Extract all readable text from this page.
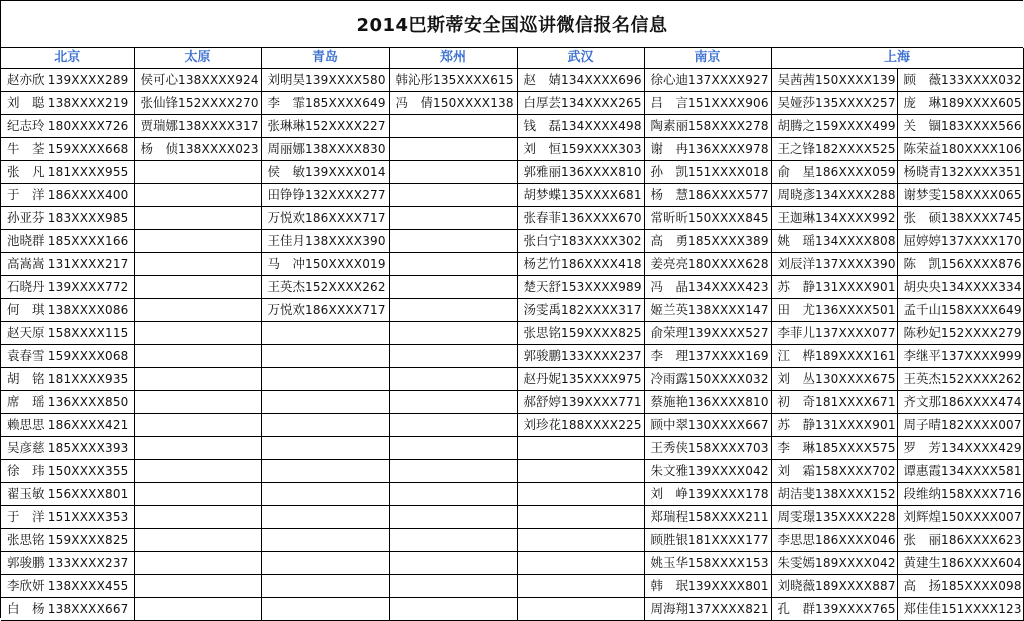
2014巴斯蒂安全国巡讲微信报名信息
北京	太原	青岛	郑州	武汉	南京	上海	

赵亦欣 139XXXX289	侯可心 138XXXX924	刘明昊 139XXXX580	韩沁彤 135XXXX615	赵　婧 134XXXX696	徐心迪 137XXXX927	吴茜茜 150XXXX139	顾　薇 133XXXX032

刘　聪 138XXXX219	张仙锋 152XXXX270	李　霏 185XXXX649	冯　倩 150XXXX138	白厚芸 134XXXX265	吕　言 151XXXX906	吴娅莎 135XXXX257	庞　琳 189XXXX605

纪志玲 180XXXX726	贾瑞娜 138XXXX317	张琳琳 152XXXX227		钱　磊 134XXXX498	陶素丽 158XXXX278	胡腾之 159XXXX499	关　锢 183XXXX566

牛　荃 159XXXX668	杨　侦 138XXXX023	周丽娜 138XXXX830		刘　恒 159XXXX303	谢　冉 136XXXX978	王之锋 182XXXX525	陈荣益 180XXXX106

张　凡 181XXXX955		侯　敏 139XXXX014		郭雅丽 136XXXX810	孙　凯 151XXXX018	俞　星 186XXXX059	杨晓青 132XXXX351

于　洋 186XXXX400		田铮铮 132XXXX277		胡梦蝶 135XXXX681	杨　慧 186XXXX577	周晓彥 134XXXX288	谢梦雯 158XXXX065

孙亚芬 183XXXX985		万悦欢 186XXXX717		张春菲 136XXXX670	常昕昕 150XXXX845	王迦琳 134XXXX992	张　硕 138XXXX745

池晓群 185XXXX166		王佳月 138XXXX390		张白宁 183XXXX302	高　勇 185XXXX389	姚　瑶 134XXXX808	屈婷婷 137XXXX170

高嵩嵩 131XXXX217		马　冲 150XXXX019		杨艺竹 186XXXX418	姜亮亮 180XXXX628	刘辰洋 137XXXX390	陈　凯 156XXXX876

石晓丹 139XXXX772		王英杰 152XXXX262		楚天舒 153XXXX989	冯　晶 134XXXX423	苏　静 131XXXX901	胡央央 134XXXX334

何　琪 138XXXX086		万悦欢 186XXXX717		汤雯禹 182XXXX317	姬兰英 138XXXX147	田　尤 136XXXX501	孟千山 158XXXX649

赵天原 158XXXX115				张思铭 159XXXX825	俞荣理 139XXXX527	李菲儿 137XXXX077	陈秒妃 152XXXX279

袁春雪 159XXXX068				郭骏鹏 133XXXX237	李　理 137XXXX169	江　桦 189XXXX161	李继平 137XXXX999

胡　铭 181XXXX935				赵丹妮 135XXXX975	冷雨露 150XXXX032	刘　丛 130XXXX675	王英杰 152XXXX262

席　瑶 136XXXX850				郝舒婷 139XXXX771	蔡施艳 136XXXX810	初　奇 181XXXX671	齐文那 186XXXX474

赖思思 186XXXX421				刘珍花 188XXXX225	顾中翠 130XXXX667	苏　静 131XXXX901	周子晴 182XXXX007

吴彦慈 185XXXX393					王秀侠 158XXXX703	李　琳 185XXXX575	罗　芳 134XXXX429

徐　玮 150XXXX355					朱文雅 139XXXX042	刘　霜 158XXXX702	谭惠霞 134XXXX581

翟玉敏 156XXXX801					刘　峥 139XXXX178	胡洁斐 138XXXX152	段维纳 158XXXX716

于　洋 151XXXX353					郑瑞程 158XXXX211	周雯璟 135XXXX228	刘辉煌 150XXXX007

张思铭 159XXXX825					顾胜银 181XXXX177	李思思 186XXXX046	张　丽 186XXXX623

郭骏鹏 133XXXX237					姚玉华 158XXXX153	朱雯嫣 189XXXX042	黄建生 186XXXX604

李欣妍 138XXXX455					韩　珉 139XXXX801	刘晓薇 189XXXX887	高　扬 185XXXX098

白　杨 138XXXX667					周海翔 137XXXX821	孔　群 139XXXX765	郑佳佳 151XXXX123
